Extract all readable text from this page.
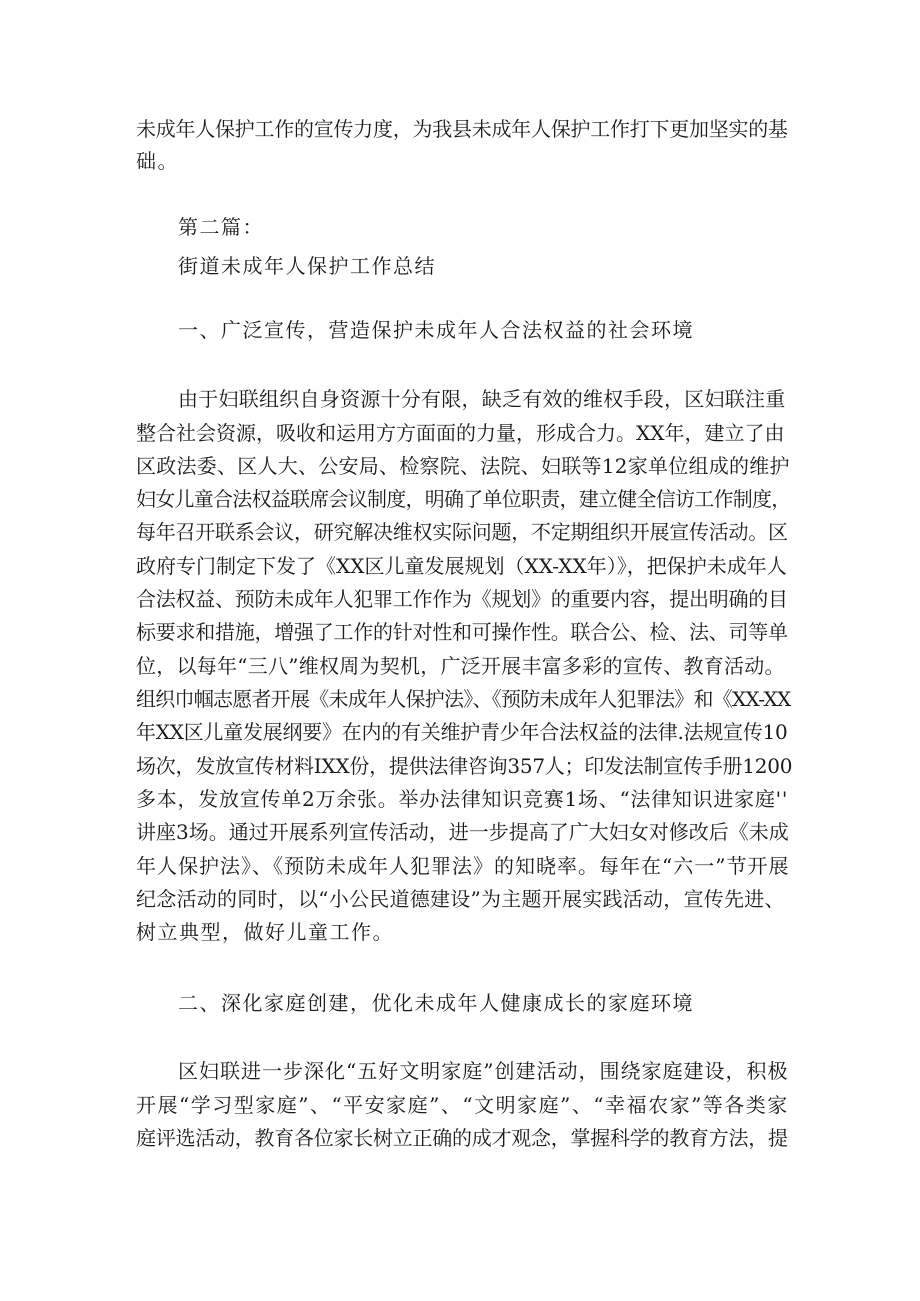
未成年人保护工作的宣传力度，为我县未成年人保护工作打下更加坚实的基
础。
第二篇：
街道未成年人保护工作总结
一、广泛宣传，营造保护未成年人合法权益的社会环境
由于妇联组织自身资源十分有限，缺乏有效的维权手段，区妇联注重
整合社会资源，吸收和运用方方面面的力量，形成合力。XX年，建立了由
区政法委、区人大、公安局、检察院、法院、妇联等12家单位组成的维护
妇女儿童合法权益联席会议制度，明确了单位职责，建立健全信访工作制度，
每年召开联系会议，研究解决维权实际问题，不定期组织开展宣传活动。区
政府专门制定下发了《XX区儿童发展规划（XX-XX年）》，把保护未成年人
合法权益、预防未成年人犯罪工作作为《规划》的重要内容，提出明确的目
标要求和措施，增强了工作的针对性和可操作性。联合公、检、法、司等单
位，以每年“三八”维权周为契机，广泛开展丰富多彩的宣传、教育活动。
组织巾帼志愿者开展《未成年人保护法》、《预防未成年人犯罪法》和《XX-XX
年XX区儿童发展纲要》在内的有关维护青少年合法权益的法律.法规宣传10
场次，发放宣传材料IXX份，提供法律咨询357人；印发法制宣传手册1200
多本，发放宣传单2万余张。举办法律知识竞赛1场、“法律知识进家庭''
讲座3场。通过开展系列宣传活动，进一步提高了广大妇女对修改后《未成
年人保护法》、《预防未成年人犯罪法》的知晓率。每年在“六一”节开展
纪念活动的同时，以“小公民道德建设”为主题开展实践活动，宣传先进、
树立典型，做好儿童工作。
二、深化家庭创建，优化未成年人健康成长的家庭环境
区妇联进一步深化“五好文明家庭”创建活动，围绕家庭建设，积极
开展“学习型家庭”、“平安家庭”、“文明家庭”、“幸福农家”等各类家
庭评选活动，教育各位家长树立正确的成才观念，掌握科学的教育方法，提
